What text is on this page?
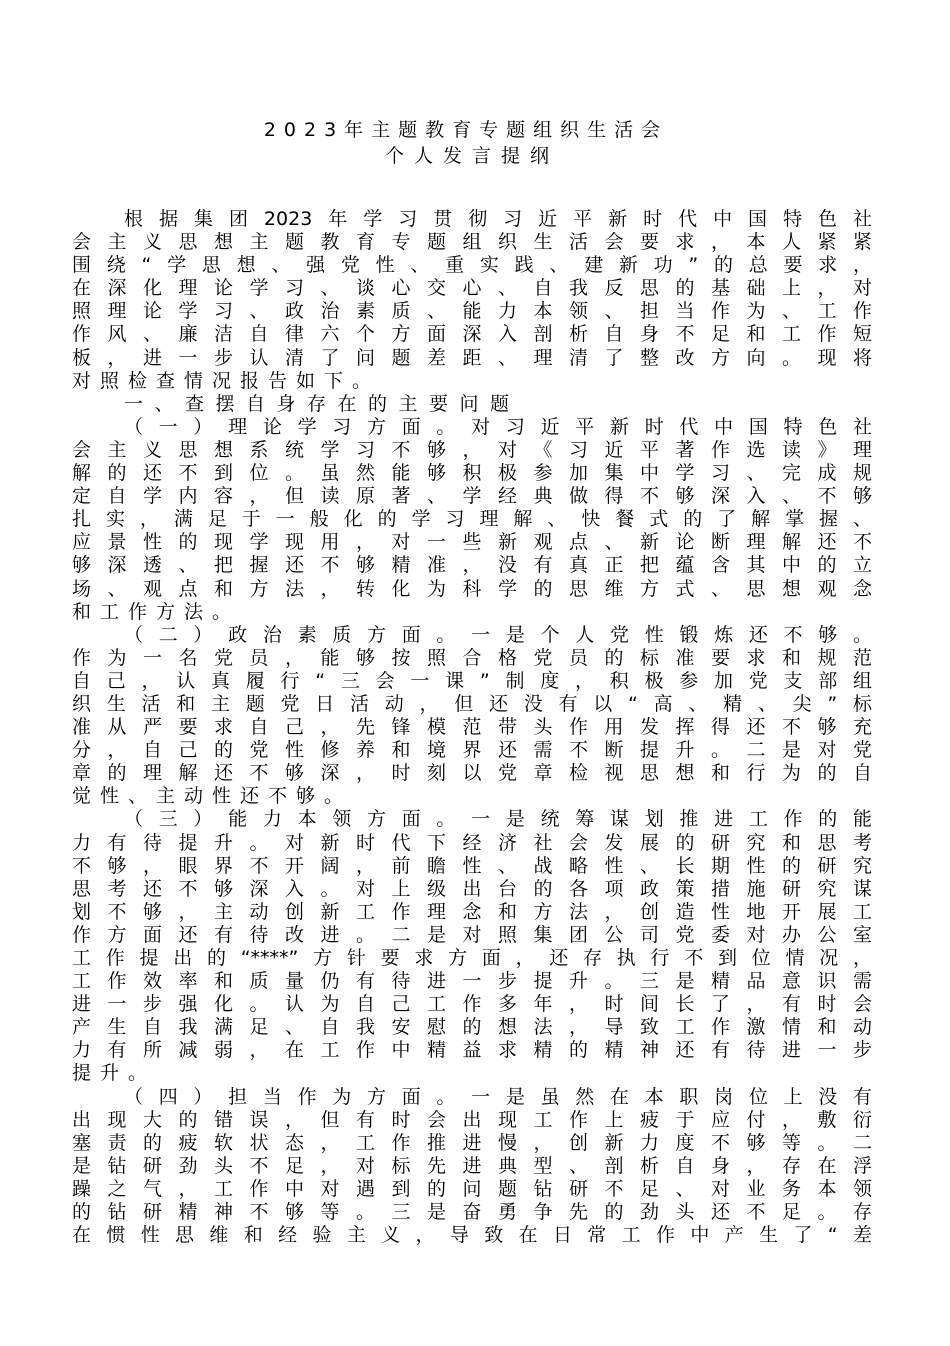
2023年主题教育专题组织生活会
个人发言提纲
根据集团2023年学习贯彻习近平新时代中国特色社
会主义思想主题教育专题组织生活会要求，本人紧紧
围绕“学思想、强党性、重实践、建新功”的总要求，
在深化理论学习、谈心交心、自我反思的基础上，对
照理论学习、政治素质、能力本领、担当作为、工作
作风、廉洁自律六个方面深入剖析自身不足和工作短
板，进一步认清了问题差距、理清了整改方向。现将
对照检查情况报告如下。
一、查摆自身存在的主要问题
（一）理论学习方面。对习近平新时代中国特色社
会主义思想系统学习不够，对《习近平著作选读》理
解的还不到位。虽然能够积极参加集中学习、完成规
定自学内容，但读原著、学经典做得不够深入、不够
扎实，满足于一般化的学习理解、快餐式的了解掌握、
应景性的现学现用，对一些新观点、新论断理解还不
够深透、把握还不够精准，没有真正把蕴含其中的立
场、观点和方法，转化为科学的思维方式、思想观念
和工作方法。
（二）政治素质方面。一是个人党性锻炼还不够。
作为一名党员，能够按照合格党员的标准要求和规范
自己，认真履行“三会一课”制度，积极参加党支部组
织生活和主题党日活动，但还没有以“高、精、尖”标
准从严要求自己，先锋模范带头作用发挥得还不够充
分，自己的党性修养和境界还需不断提升。二是对党
章的理解还不够深，时刻以党章检视思想和行为的自
觉性、主动性还不够。
（三）能力本领方面。一是统筹谋划推进工作的能
力有待提升。对新时代下经济社会发展的研究和思考
不够，眼界不开阔，前瞻性、战略性、长期性的研究
思考还不够深入。对上级出台的各项政策措施研究谋
划不够，主动创新工作理念和方法，创造性地开展工
作方面还有待改进。二是对照集团公司党委对办公室
工作提出的“****”方针要求方面，还存执行不到位情况，
工作效率和质量仍有待进一步提升。三是精品意识需
进一步强化。认为自己工作多年，时间长了，有时会
产生自我满足、自我安慰的想法，导致工作激情和动
力有所减弱，在工作中精益求精的精神还有待进一步
提升。
（四）担当作为方面。一是虽然在本职岗位上没有
出现大的错误，但有时会出现工作上疲于应付，敷衍
塞责的疲软状态，工作推进慢，创新力度不够等。二
是钻研劲头不足，对标先进典型、剖析自身，存在浮
躁之气，工作中对遇到的问题钻研不足、对业务本领
的钻研精神不够等。三是奋勇争先的劲头还不足。存
在惯性思维和经验主义，导致在日常工作中产生了“差
